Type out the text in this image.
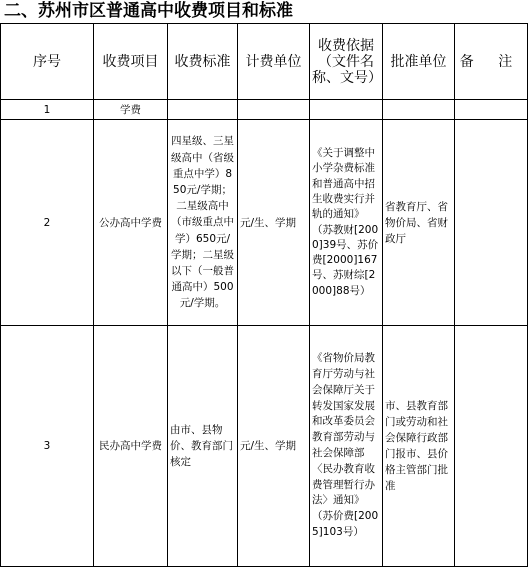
二、苏州市区普通高中收费项目和标准
序号	收费项目	收费标准	计费单位	收费依据（文件名称、文号）	批准单位	备 注
1	学费					
2	公办高中学费	四星级、三星级高中（省级重点中学）850元/学期；二星级高中（市级重点中学）650元/学期；二星级以下（一般普通高中）500元/学期。	元/生、学期	《关于调整中小学杂费标准和普通高中招生收费实行并轨的通知》（苏教财[2000]39号、苏价费[2000]167号、苏财综[2000]88号）	省教育厅、省物价局、省财政厅	
3	民办高中学费	由市、县物价、教育部门核定	元/生、学期	《省物价局教育厅劳动与社会保障厅关于转发国家发展和改革委员会教育部劳动与社会保障部〈民办教育收费管理暂行办法〉通知》（苏价费[2005]103号）	市、县教育部门或劳动和社会保障行政部门报市、县价格主管部门批准	
